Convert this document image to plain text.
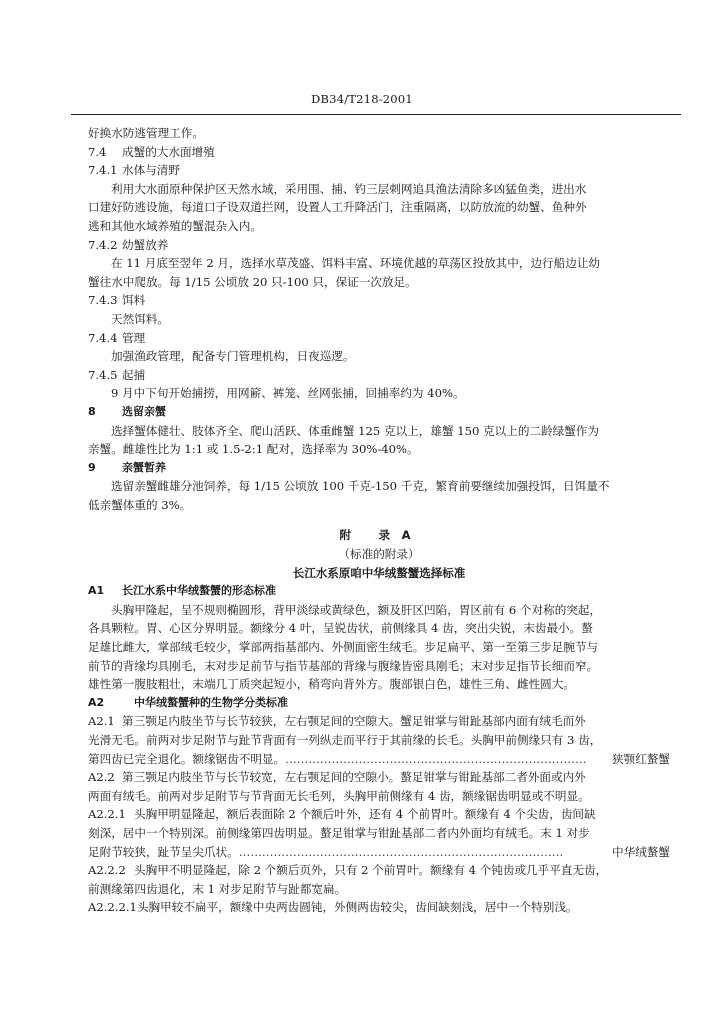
DB34/T218-2001
好换水防逃管理工作。
7.4 成蟹的大水面增殖
7.4.1 水体与清野
利用大水面原种保护区天然水域，采用围、捕、钓三层刺网追具渔法清除多凶猛鱼类，进出水
口建好防逃设施，每道口子设双道拦网，设置人工升降活门，注重隔离，以防放流的幼蟹、鱼种外
逃和其他水域养殖的蟹混杂入内。
7.4.2 幼蟹放养
在 11 月底至翌年 2 月，选择水草茂盛、饵料丰富、环境优越的草荡区投放其中，边行船边让幼
蟹往水中爬放。每 1/15 公顷放 20 只-100 只，保证一次放足。
7.4.3 饵料
天然饵料。
7.4.4 管理
加强渔政管理，配备专门管理机构，日夜巡逻。
7.4.5 起捕
9 月中下旬开始捕捞，用网簖、裤笼、丝网张捕，回捕率约为 40%。
8 选留亲蟹
选择蟹体健壮、肢体齐全、爬山活跃、体重雌蟹 125 克以上，雄蟹 150 克以上的二龄绿蟹作为
亲蟹。雌雄性比为 1:1 或 1.5-2:1 配对，选择率为 30%-40%。
9 亲蟹暂养
选留亲蟹雌雄分池饲养，每 1/15 公顷放 100 千克-150 千克，繁育前要继续加强投饵，日饵量不
低亲蟹体重的 3%。
附　录 A
（标准的附录）
长江水系原咱中华绒螯蟹选择标准
A1 长江水系中华绒螯蟹的形态标准
头胸甲隆起，呈不规则椭圆形，背甲淡绿或黄绿色，额及肝区凹陷，胃区前有 6 个对称的突起，
各具颗粒。胃、心区分界明显。额缘分 4 叶，呈锐齿状，前侧缘具 4 齿，突出尖锐，末齿最小。螯
足雄比雌大，掌部绒毛较少，掌部两指基部内、外侧面密生绒毛。步足扁平、第一至第三步足腕节与
前节的背缘均具刚毛，末对步足前节与指节基部的背缘与腹缘皆密具刚毛；末对步足指节长细而窄。
雄性第一腹肢粗壮，末端几丁质突起短小，稍弯向背外方。腹部银白色，雄性三角、雌性圆大。
A2	中华绒螯蟹种的生物学分类标准
A2.1 第三颚足内肢坐节与长节较狭，左右颚足间的空隙大。蟹足钳掌与钳趾基部内面有绒毛而外
光滑无毛。前两对步足附节与趾节背面有一列纵走而平行于其前缘的长毛。头胸甲前侧缘只有 3 齿，
第四齿已完全退化。额缘锯齿不明显。 ……………………………………………………………………	狭颚红螯蟹
A2.2 第三颚足内肢坐节与长节较宽，左右颚足间的空隙小。螯足钳掌与钳趾基部二者外面或内外
两面有绒毛。前两对步足附节与节背面无长毛列，头胸甲前侧缘有 4 齿，额缘锯齿明显或不明显。
A2.2.1 头胸甲明显隆起，额后表面除 2 个额后叶外，还有 4 个前胃叶。额缘有 4 个尖齿，齿间缺
刻深，居中一个特别深。前侧缘第四齿明显。螯足钳掌与钳趾基部二者内外面均有绒毛。末 1 对步
足附节较狭，趾节呈尖爪状。 …………………………………………………………………………	中华绒螯蟹
A2.2.2 头胸甲不明显隆起，除 2 个额后页外，只有 2 个前胃叶。额缘有 4 个钝齿或几乎平直无齿，
前测缘第四齿退化，末 1 对步足附节与趾都宽扁。
A2.2.2.1头胸甲较不扁平，额缘中央两齿圆钝，外侧两齿较尖，齿间缺刻浅，居中一个特别浅。
